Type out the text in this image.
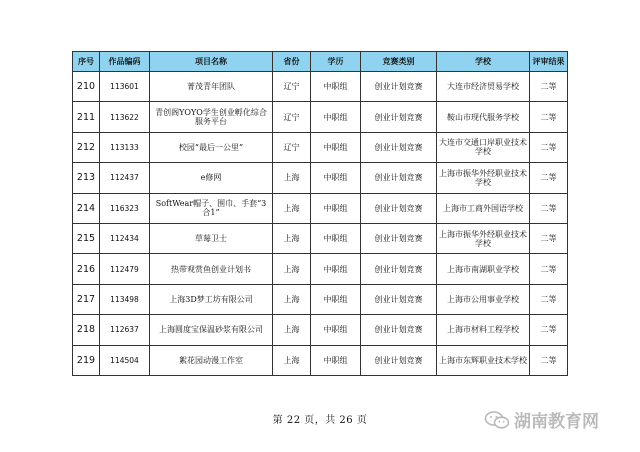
序号	作品编码	项目名称	省份	学历	竞赛类别	学校	评审结果
210	113601	菁茂青年团队	辽宁	中职组	创业计划竞赛	大连市经济贸易学校	二等
211	113622	青创阁YOYO学生创业孵化综合服务平台	辽宁	中职组	创业计划竞赛	鞍山市现代服务学校	二等
212	113133	校园“最后一公里”	辽宁	中职组	创业计划竞赛	大连市交通口岸职业技术学校	二等
213	112437	e修网	上海	中职组	创业计划竞赛	上海市振华外经职业技术学校	二等
214	116323	SoftWear帽子、围巾、手套“3合1”	上海	中职组	创业计划竞赛	上海市工商外国语学校	二等
215	112434	草莓卫士	上海	中职组	创业计划竞赛	上海市振华外经职业技术学校	二等
216	112479	热带观赏鱼创业计划书	上海	中职组	创业计划竞赛	上海市南湖职业学校	二等
217	113498	上海3D梦工坊有限公司	上海	中职组	创业计划竞赛	上海市公用事业学校	二等
218	112637	上海圆度宝保温砂浆有限公司	上海	中职组	创业计划竞赛	上海市材料工程学校	二等
219	114504	絮花园动漫工作室	上海	中职组	创业计划竞赛	上海市东辉职业技术学校	二等
第 22 页，共 26 页	湖南教育网
